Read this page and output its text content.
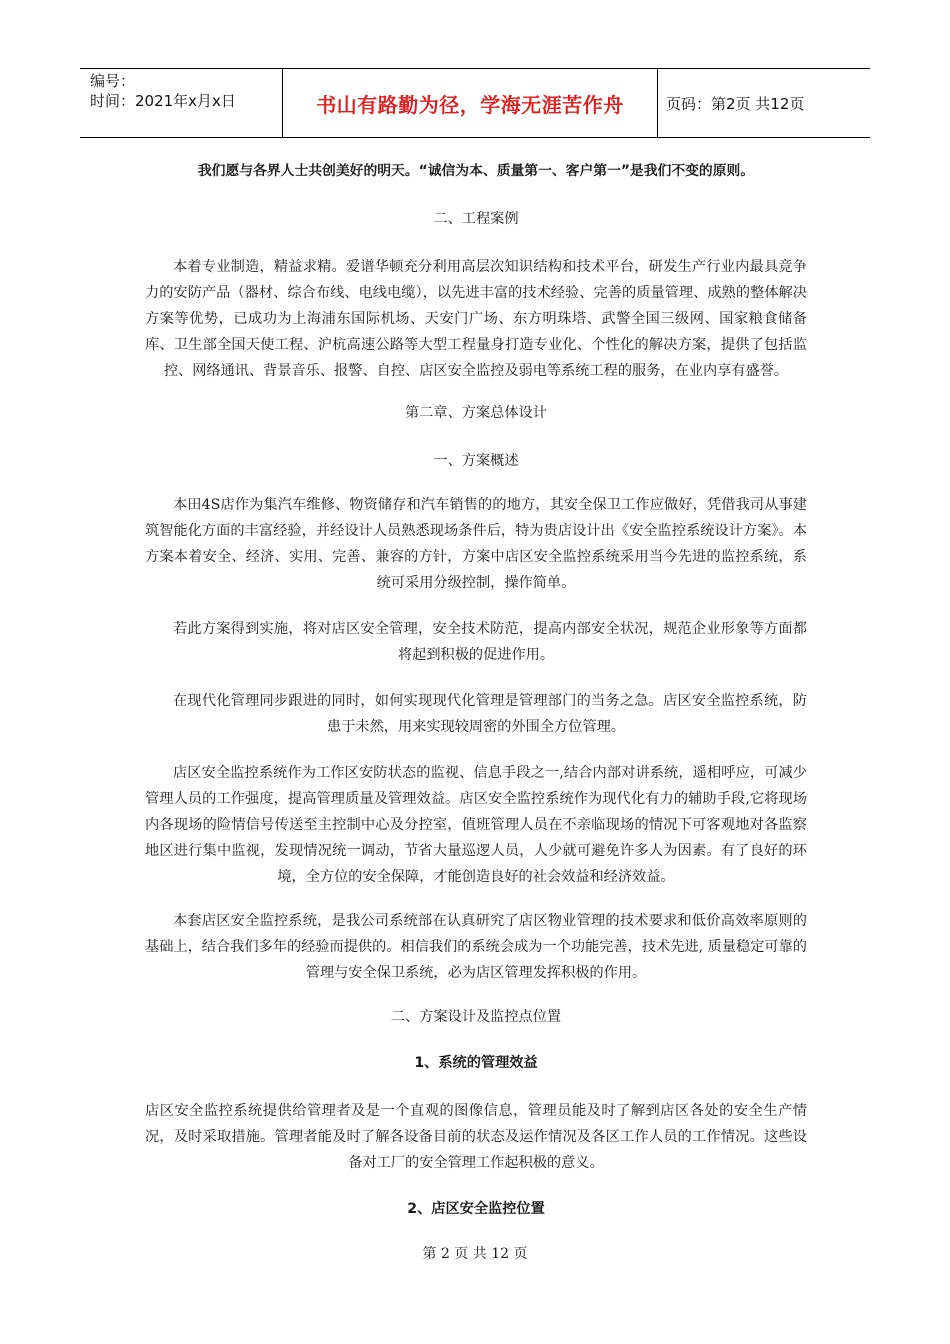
编号：
时间：2021年x月x日	书山有路勤为径，学海无涯苦作舟	页码：第2页 共12页
我们愿与各界人士共创美好的明天。“诚信为本、质量第一、客户第一”是我们不变的原则。
二、工程案例
本着专业制造，精益求精。爱谱华顿充分利用高层次知识结构和技术平台，研发生产行业内最具竞争力的安防产品（器材、综合布线、电线电缆），以先进丰富的技术经验、完善的质量管理、成熟的整体解决方案等优势，已成功为上海浦东国际机场、天安门广场、东方明珠塔、武警全国三级网、国家粮食储备库、卫生部全国天使工程、沪杭高速公路等大型工程量身打造专业化、个性化的解决方案，提供了包括监控、网络通讯、背景音乐、报警、自控、店区安全监控及弱电等系统工程的服务，在业内享有盛誉。
第二章、方案总体设计
一、方案概述
本田4S店作为集汽车维修、物资储存和汽车销售的的地方，其安全保卫工作应做好，凭借我司从事建筑智能化方面的丰富经验，并经设计人员熟悉现场条件后，特为贵店设计出《安全监控系统设计方案》。本方案本着安全、经济、实用、完善、兼容的方针，方案中店区安全监控系统采用当今先进的监控系统，系统可采用分级控制，操作简单。
若此方案得到实施，将对店区安全管理，安全技术防范，提高内部安全状况，规范企业形象等方面都将起到积极的促进作用。
在现代化管理同步跟进的同时，如何实现现代化管理是管理部门的当务之急。店区安全监控系统，防患于未然，用来实现较周密的外围全方位管理。
店区安全监控系统作为工作区安防状态的监视、信息手段之一,结合内部对讲系统，遥相呼应，可减少管理人员的工作强度，提高管理质量及管理效益。店区安全监控系统作为现代化有力的辅助手段,它将现场内各现场的险情信号传送至主控制中心及分控室，值班管理人员在不亲临现场的情况下可客观地对各监察地区进行集中监视，发现情况统一调动，节省大量巡逻人员，人少就可避免许多人为因素。有了良好的环境，全方位的安全保障，才能创造良好的社会效益和经济效益。
本套店区安全监控系统，是我公司系统部在认真研究了店区物业管理的技术要求和低价高效率原则的基础上，结合我们多年的经验而提供的。相信我们的系统会成为一个功能完善，技术先进, 质量稳定可靠的管理与安全保卫系统，必为店区管理发挥积极的作用。
二、方案设计及监控点位置
1、系统的管理效益
店区安全监控系统提供给管理者及是一个直观的图像信息，管理员能及时了解到店区各处的安全生产情况，及时采取措施。管理者能及时了解各设备目前的状态及运作情况及各区工作人员的工作情况。这些设备对工厂的安全管理工作起积极的意义。
2、店区安全监控位置
第 2 页 共 12 页
